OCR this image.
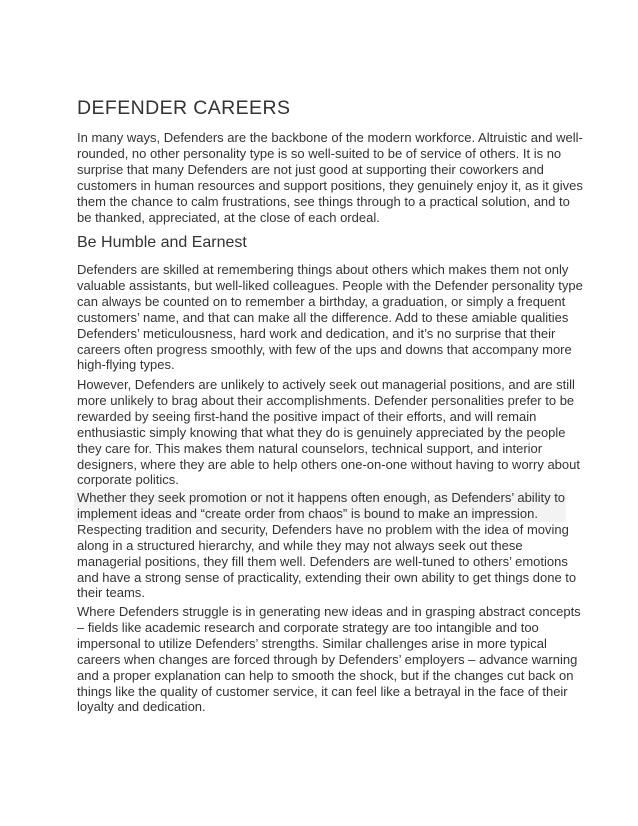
DEFENDER CAREERS
In many ways, Defenders are the backbone of the modern workforce. Altruistic and well-
rounded, no other personality type is so well-suited to be of service of others. It is no
surprise that many Defenders are not just good at supporting their coworkers and
customers in human resources and support positions, they genuinely enjoy it, as it gives
them the chance to calm frustrations, see things through to a practical solution, and to
be thanked, appreciated, at the close of each ordeal.
Be Humble and Earnest
Defenders are skilled at remembering things about others which makes them not only
valuable assistants, but well-liked colleagues. People with the Defender personality type
can always be counted on to remember a birthday, a graduation, or simply a frequent
customers’ name, and that can make all the difference. Add to these amiable qualities
Defenders’ meticulousness, hard work and dedication, and it’s no surprise that their
careers often progress smoothly, with few of the ups and downs that accompany more
high-flying types.
However, Defenders are unlikely to actively seek out managerial positions, and are still
more unlikely to brag about their accomplishments. Defender personalities prefer to be
rewarded by seeing first-hand the positive impact of their efforts, and will remain
enthusiastic simply knowing that what they do is genuinely appreciated by the people
they care for. This makes them natural counselors, technical support, and interior
designers, where they are able to help others one-on-one without having to worry about
corporate politics.
Whether they seek promotion or not it happens often enough, as Defenders’ ability to
implement ideas and “create order from chaos” is bound to make an impression.
Respecting tradition and security, Defenders have no problem with the idea of moving
along in a structured hierarchy, and while they may not always seek out these
managerial positions, they fill them well. Defenders are well-tuned to others’ emotions
and have a strong sense of practicality, extending their own ability to get things done to
their teams.
Where Defenders struggle is in generating new ideas and in grasping abstract concepts
– fields like academic research and corporate strategy are too intangible and too
impersonal to utilize Defenders’ strengths. Similar challenges arise in more typical
careers when changes are forced through by Defenders’ employers – advance warning
and a proper explanation can help to smooth the shock, but if the changes cut back on
things like the quality of customer service, it can feel like a betrayal in the face of their
loyalty and dedication.
